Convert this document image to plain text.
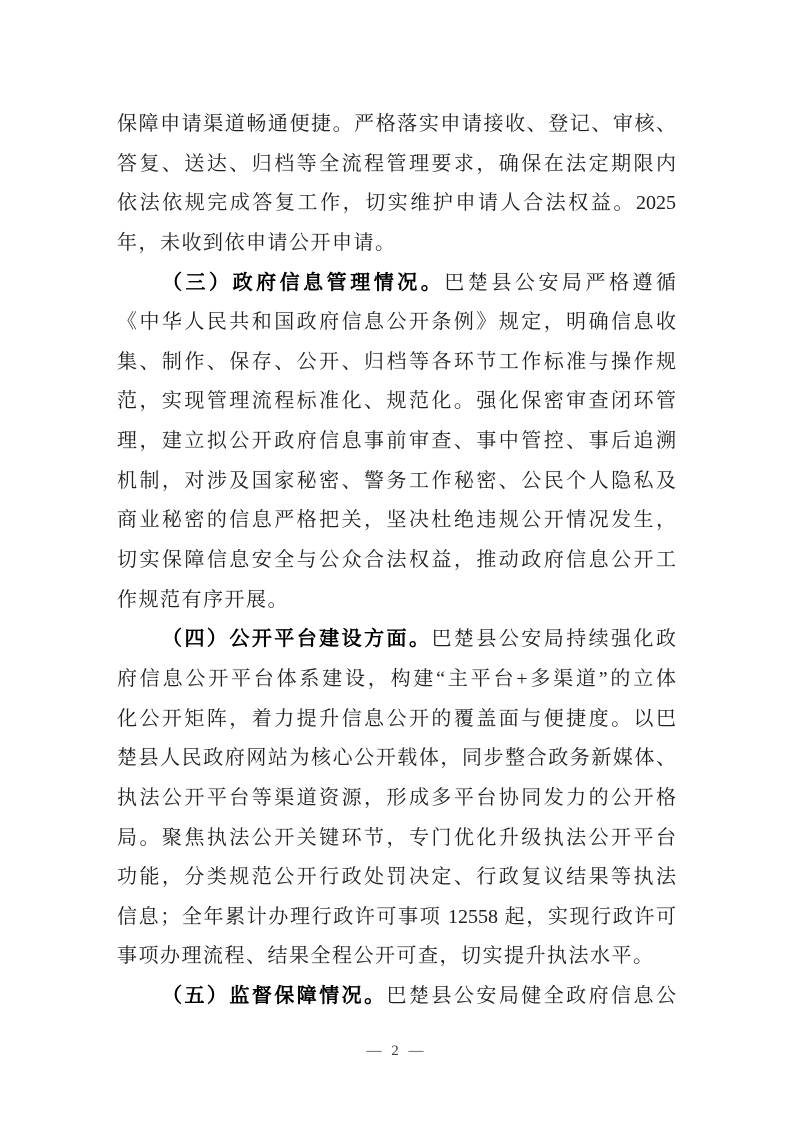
保障申请渠道畅通便捷。严格落实申请接收、登记、审核、
答复、送达、归档等全流程管理要求，确保在法定期限内
依法依规完成答复工作，切实维护申请人合法权益。2025
年，未收到依申请公开申请。
（三）政府信息管理情况。巴楚县公安局严格遵循
《中华人民共和国政府信息公开条例》规定，明确信息收
集、制作、保存、公开、归档等各环节工作标准与操作规
范，实现管理流程标准化、规范化。强化保密审查闭环管
理，建立拟公开政府信息事前审查、事中管控、事后追溯
机制，对涉及国家秘密、警务工作秘密、公民个人隐私及
商业秘密的信息严格把关，坚决杜绝违规公开情况发生，
切实保障信息安全与公众合法权益，推动政府信息公开工
作规范有序开展。
（四）公开平台建设方面。巴楚县公安局持续强化政
府信息公开平台体系建设，构建“主平台+多渠道”的立体
化公开矩阵，着力提升信息公开的覆盖面与便捷度。以巴
楚县人民政府网站为核心公开载体，同步整合政务新媒体、
执法公开平台等渠道资源，形成多平台协同发力的公开格
局。聚焦执法公开关键环节，专门优化升级执法公开平台
功能，分类规范公开行政处罚决定、行政复议结果等执法
信息；全年累计办理行政许可事项 12558 起，实现行政许可
事项办理流程、结果全程公开可查，切实提升执法水平。
（五）监督保障情况。巴楚县公安局健全政府信息公
— 2 —
